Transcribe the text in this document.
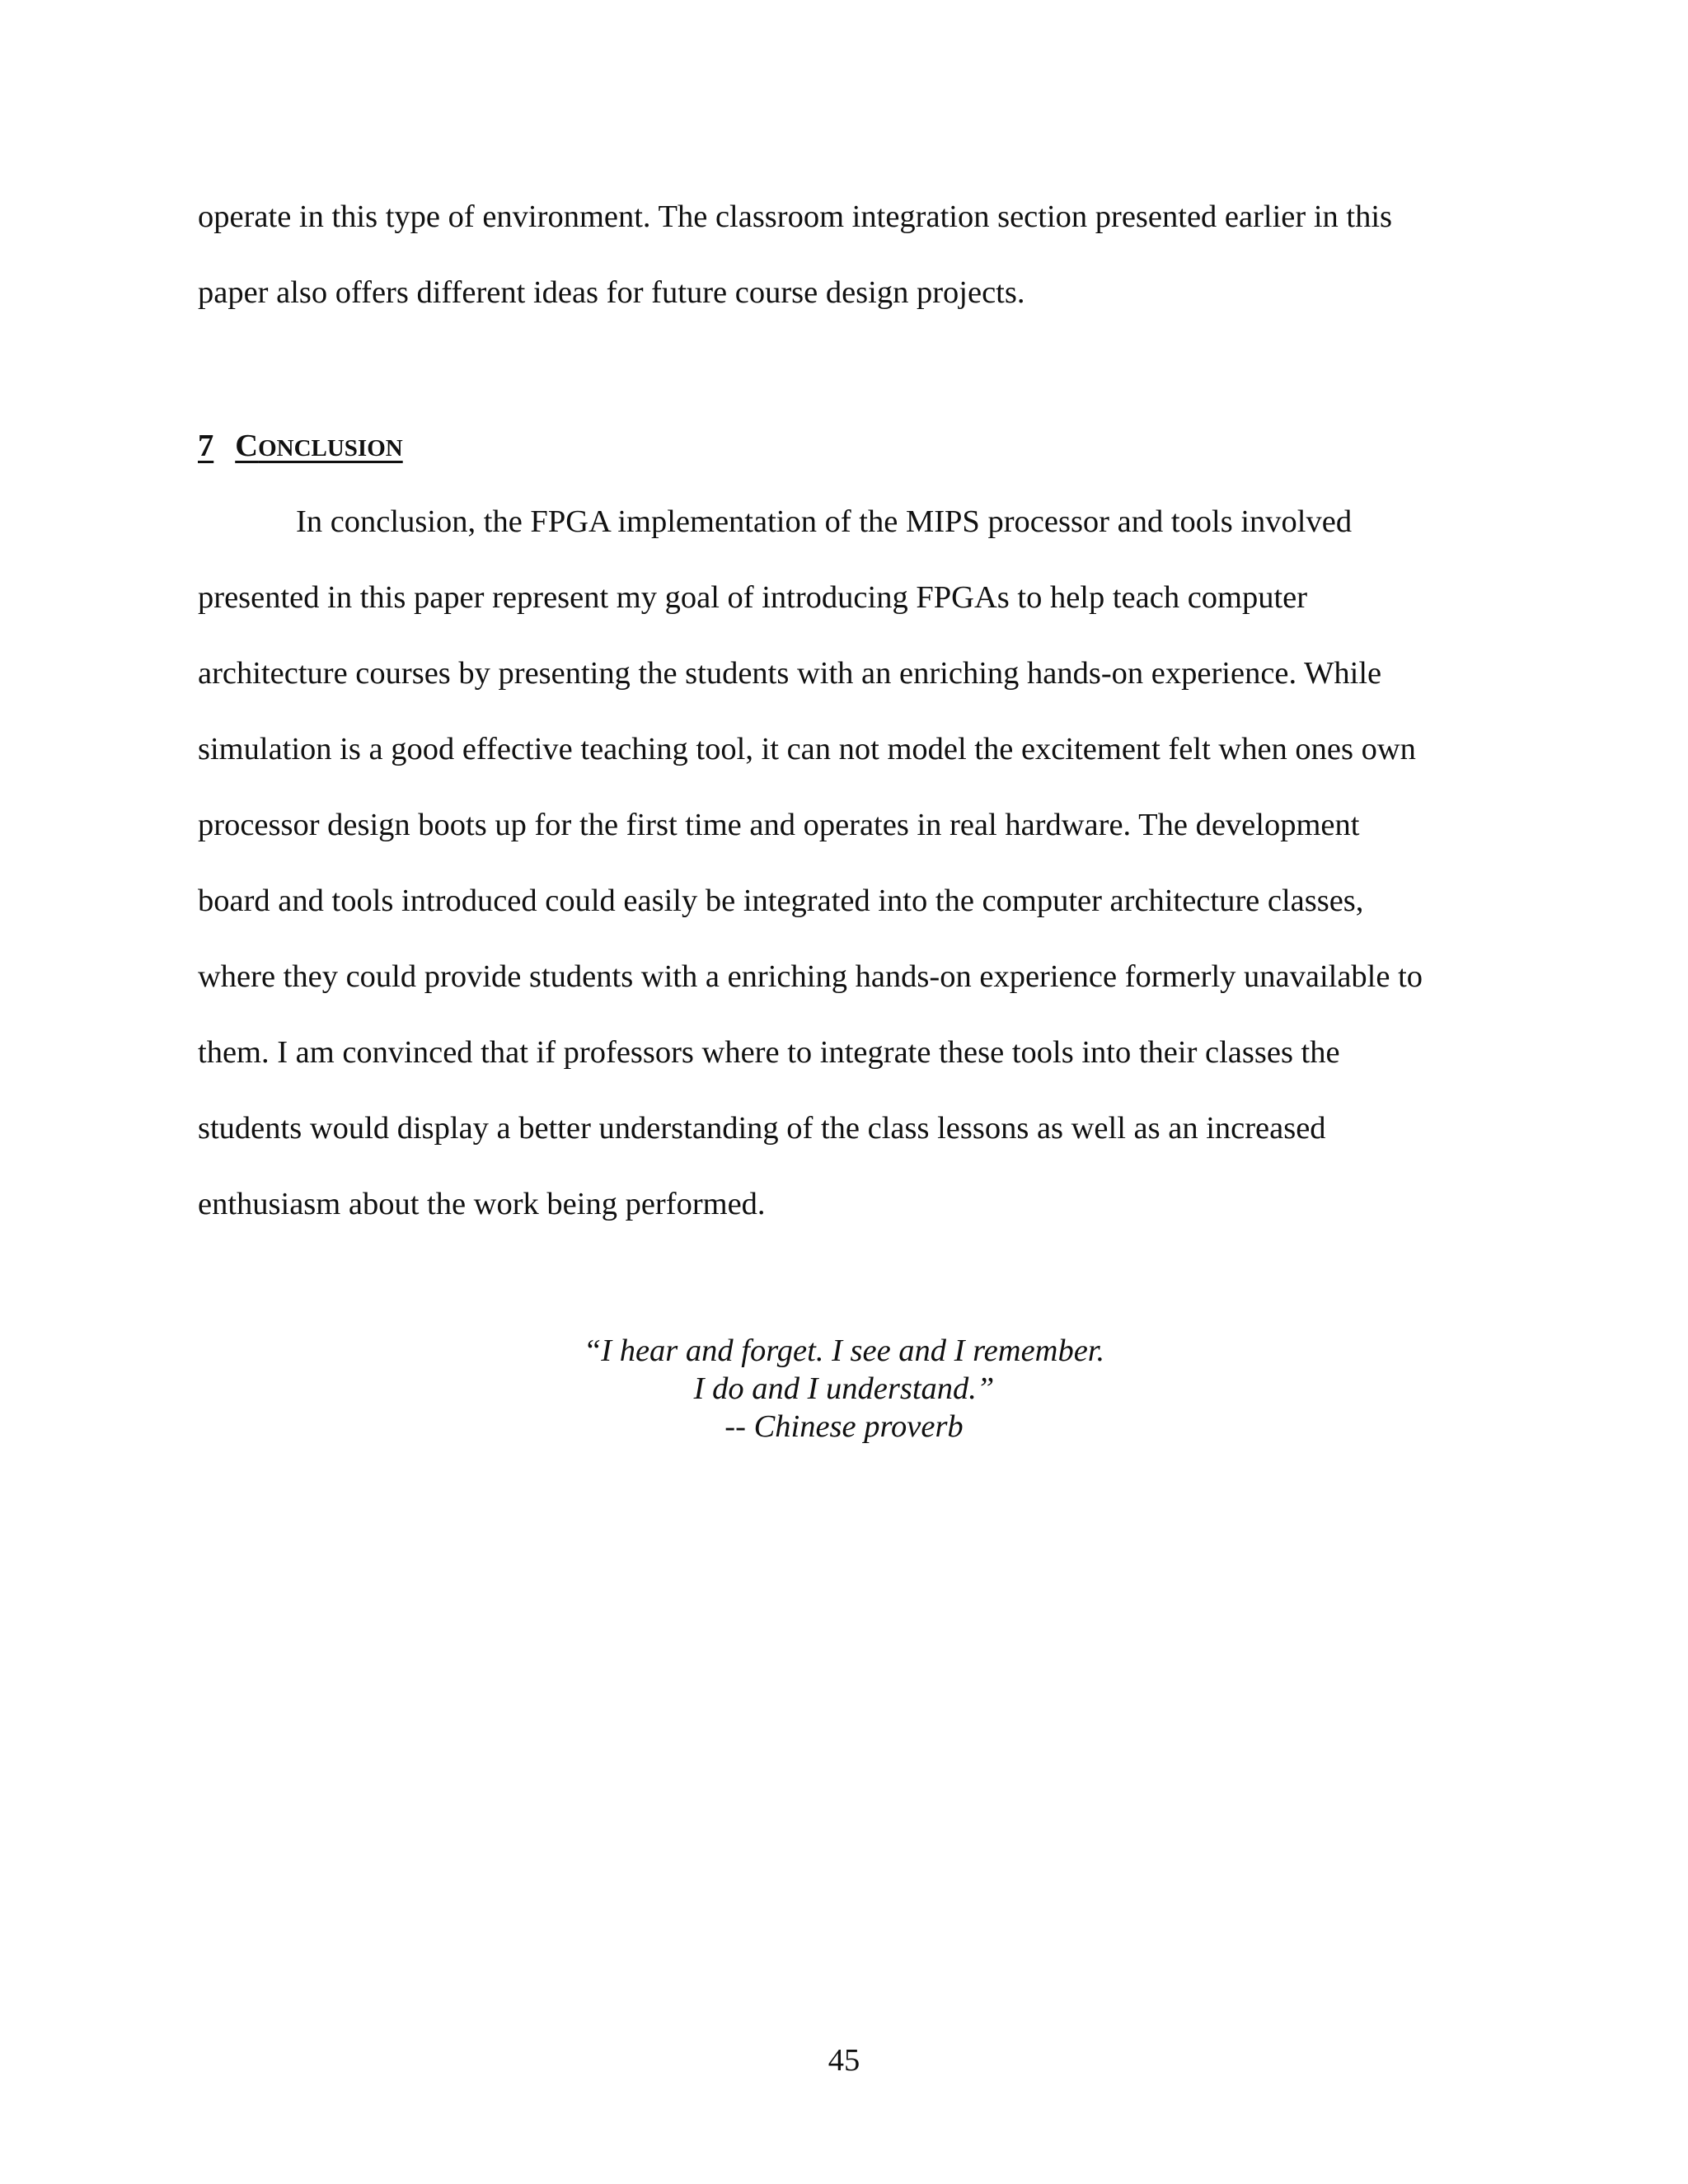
operate in this type of environment. The classroom integration section presented earlier in this

paper also offers different ideas for future course design projects.

7 CONCLUSION

In conclusion, the FPGA implementation of the MIPS processor and tools involved

presented in this paper represent my goal of introducing FPGAs to help teach computer

architecture courses by presenting the students with an enriching hands-on experience. While

simulation is a good effective teaching tool, it can not model the excitement felt when ones own

processor design boots up for the first time and operates in real hardware. The development

board and tools introduced could easily be integrated into the computer architecture classes,

where they could provide students with a enriching hands-on experience formerly unavailable to

them. I am convinced that if professors where to integrate these tools into their classes the

students would display a better understanding of the class lessons as well as an increased

enthusiasm about the work being performed.

“I hear and forget. I see and I remember.
I do and I understand.”
-- Chinese proverb
45
